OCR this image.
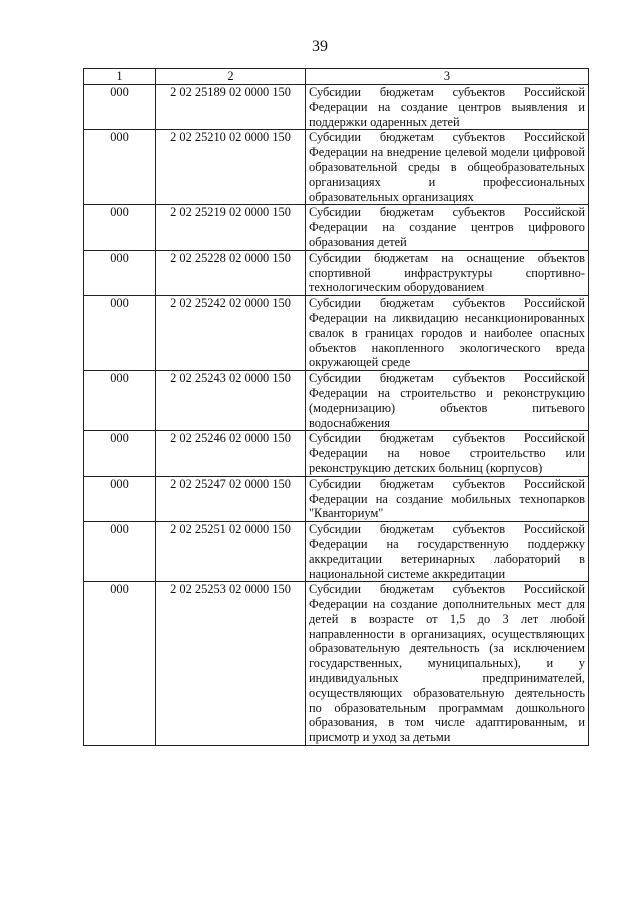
39
1	2	3
000	2 02 25189 02 0000 150	Субсидии бюджетам субъектов Российской Федерации на создание центров выявления и поддержки одаренных детей
000	2 02 25210 02 0000 150	Субсидии бюджетам субъектов Российской Федерации на внедрение целевой модели цифровой образовательной среды в общеобразовательных организациях и профессиональных образовательных организациях
000	2 02 25219 02 0000 150	Субсидии бюджетам субъектов Российской Федерации на создание центров цифрового образования детей
000	2 02 25228 02 0000 150	Субсидии бюджетам на оснащение объектов спортивной инфраструктуры спортивно-технологическим оборудованием
000	2 02 25242 02 0000 150	Субсидии бюджетам субъектов Российской Федерации на ликвидацию несанкционированных свалок в границах городов и наиболее опасных объектов накопленного экологического вреда окружающей среде
000	2 02 25243 02 0000 150	Субсидии бюджетам субъектов Российской Федерации на строительство и реконструкцию (модернизацию) объектов питьевого водоснабжения
000	2 02 25246 02 0000 150	Субсидии бюджетам субъектов Российской Федерации на новое строительство или реконструкцию детских больниц (корпусов)
000	2 02 25247 02 0000 150	Субсидии бюджетам субъектов Российской Федерации на создание мобильных технопарков "Кванториум"
000	2 02 25251 02 0000 150	Субсидии бюджетам субъектов Российской Федерации на государственную поддержку аккредитации ветеринарных лабораторий в национальной системе аккредитации
000	2 02 25253 02 0000 150	Субсидии бюджетам субъектов Российской Федерации на создание дополнительных мест для детей в возрасте от 1,5 до 3 лет любой направленности в организациях, осуществляющих образовательную деятельность (за исключением государственных, муниципальных), и у индивидуальных предпринимателей, осуществляющих образовательную деятельность по образовательным программам дошкольного образования, в том числе адаптированным, и присмотр и уход за детьми
